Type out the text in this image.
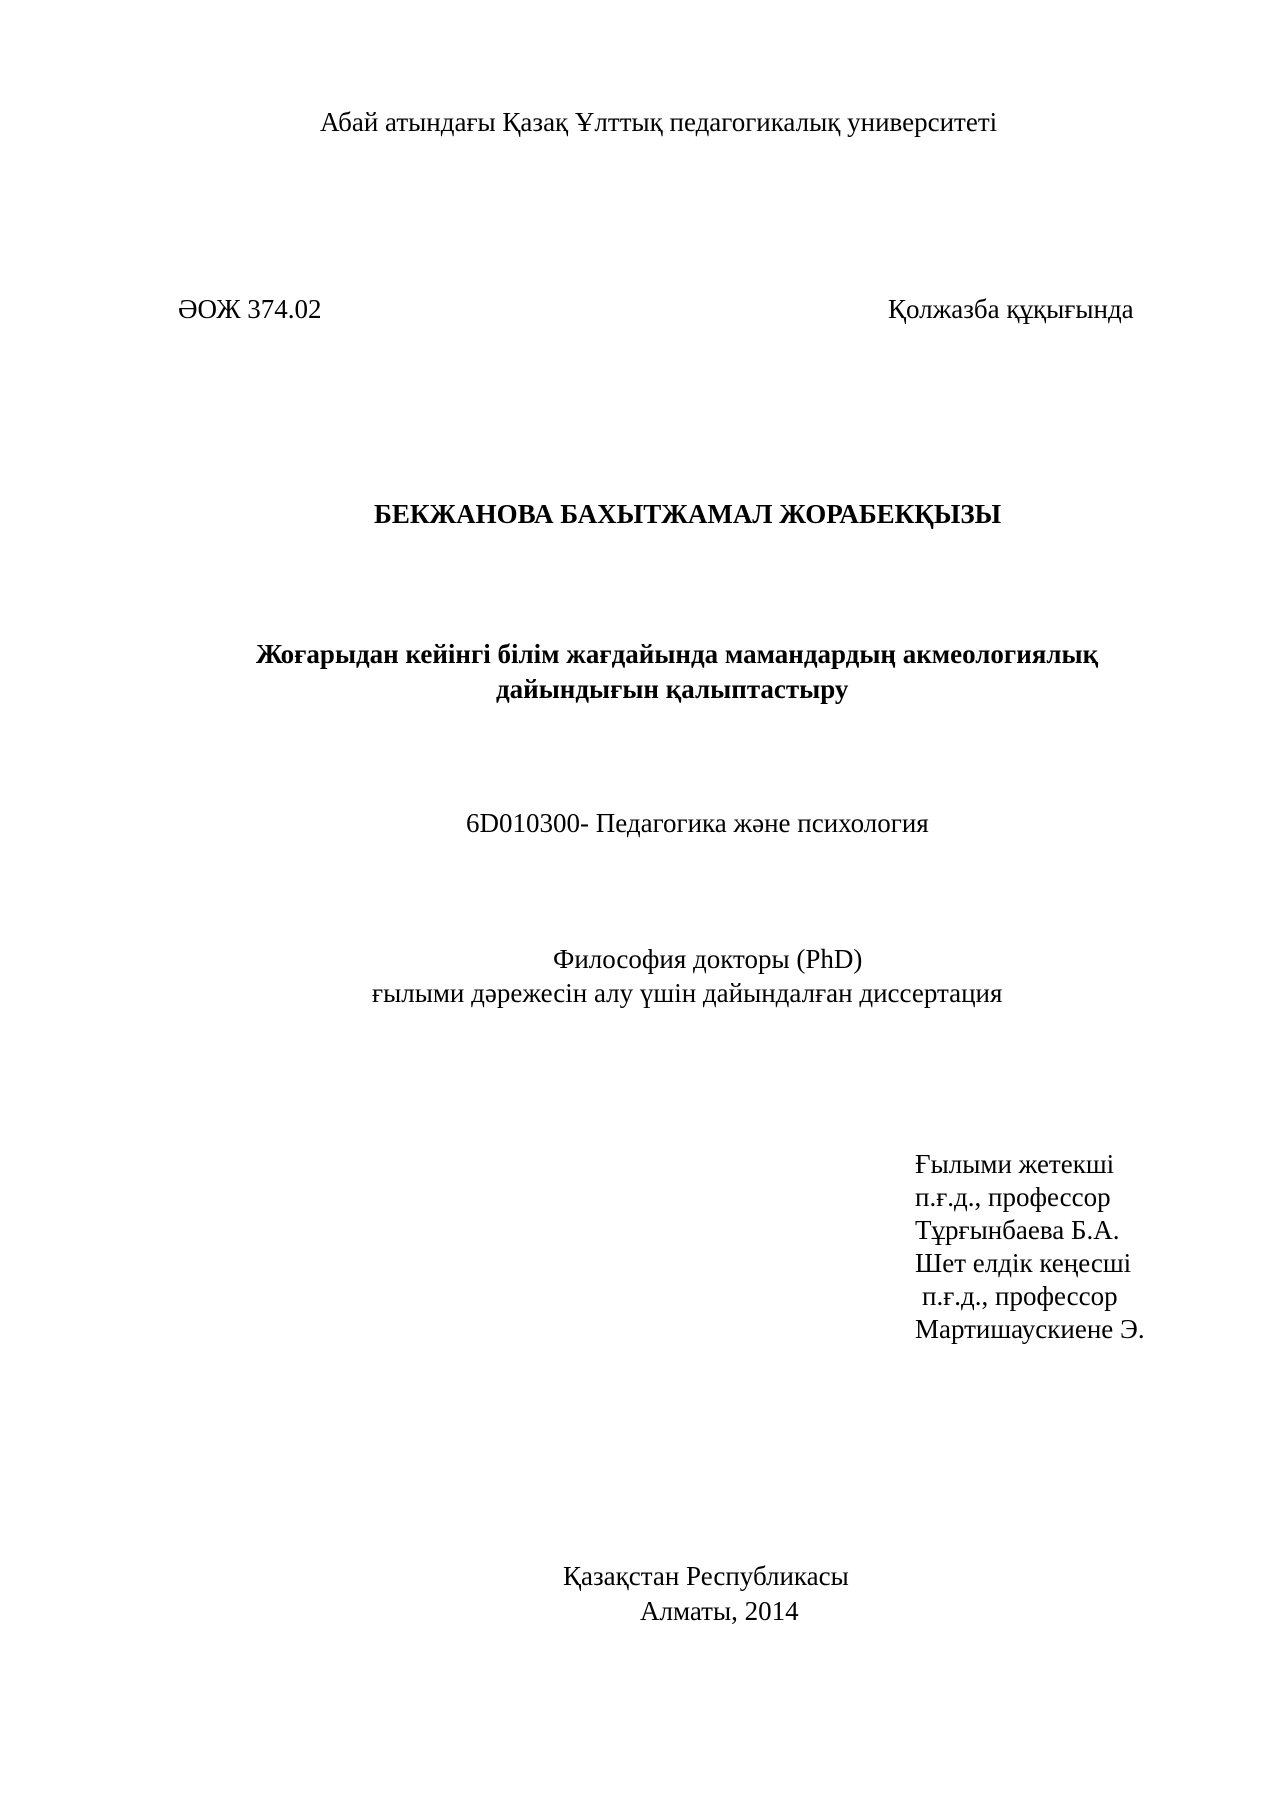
Абай атындағы Қазақ Ұлттық педагогикалық университеті
ӘОЖ 374.02	Қолжазба құқығында
БЕКЖАНОВА БАХЫТЖАМАЛ ЖОРАБЕКҚЫЗЫ
Жоғарыдан кейінгі білім жағдайында мамандардың акмеологиялық
дайындығын қалыптастыру
6D010300- Педагогика және психология
Философия докторы (PhD)
ғылыми дәрежесін алу үшін дайындалған диссертация
Ғылыми жетекші
п.ғ.д., профессор
Тұрғынбаева Б.А.
Шет елдік кеңесші
п.ғ.д., профессор
Мартишаускиене Э.
Қазақстан Республикасы
Алматы, 2014
